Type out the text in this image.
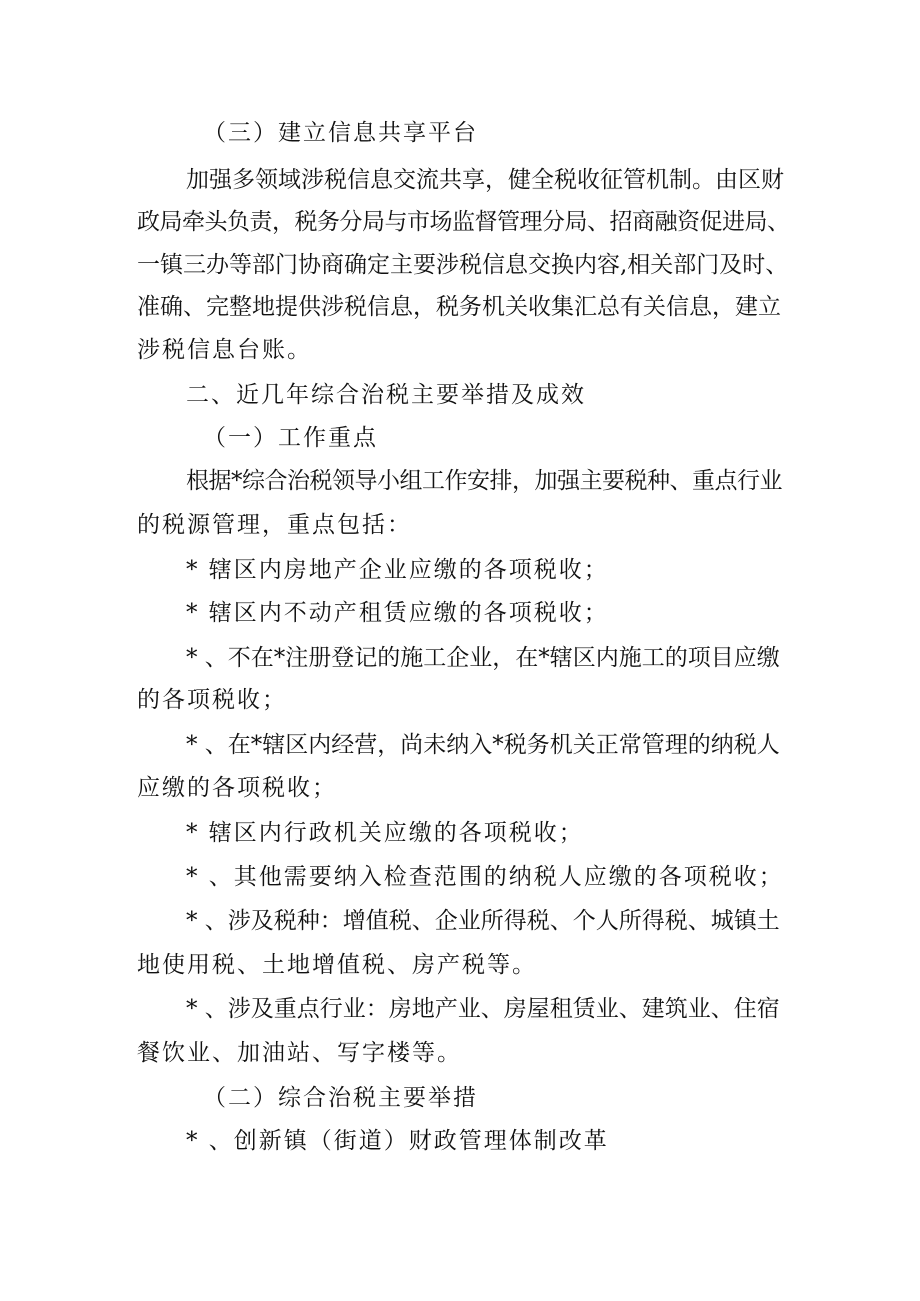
（三）建立信息共享平台
加强多领域涉税信息交流共享，健全税收征管机制。由区财
政局牵头负责，税务分局与市场监督管理分局、招商融资促进局、
一镇三办等部门协商确定主要涉税信息交换内容,相关部门及时、
准确、完整地提供涉税信息，税务机关收集汇总有关信息，建立
涉税信息台账。
二、近几年综合治税主要举措及成效
（一）工作重点
根据*综合治税领导小组工作安排，加强主要税种、重点行业
的税源管理，重点包括：
* 辖区内房地产企业应缴的各项税收；
* 辖区内不动产租赁应缴的各项税收；
* 、不在*注册登记的施工企业，在*辖区内施工的项目应缴
的各项税收；
* 、在*辖区内经营，尚未纳入*税务机关正常管理的纳税人
应缴的各项税收；
* 辖区内行政机关应缴的各项税收；
* 、其他需要纳入检查范围的纳税人应缴的各项税收；
* 、涉及税种：增值税、企业所得税、个人所得税、城镇土
地使用税、土地增值税、房产税等。
* 、涉及重点行业：房地产业、房屋租赁业、建筑业、住宿
餐饮业、加油站、写字楼等。
（二）综合治税主要举措
* 、创新镇（街道）财政管理体制改革
